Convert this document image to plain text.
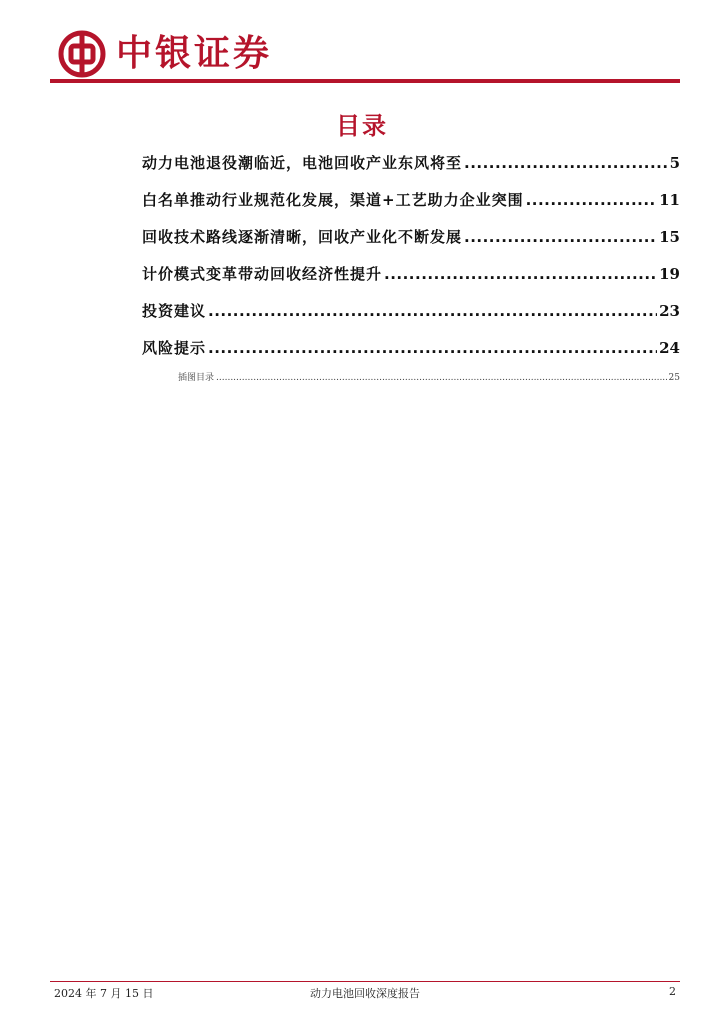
中银证券
目录
动力电池退役潮临近，电池回收产业东风将至 .....	5
白名单推动行业规范化发展，渠道+工艺助力企业突围 .....	11
回收技术路线逐渐清晰，回收产业化不断发展 .....	15
计价模式变革带动回收经济性提升 .....	19
投资建议 .....	23
风险提示 .....	24
插图目录 .....	25
2024 年 7 月 15 日	动力电池回收深度报告	2
